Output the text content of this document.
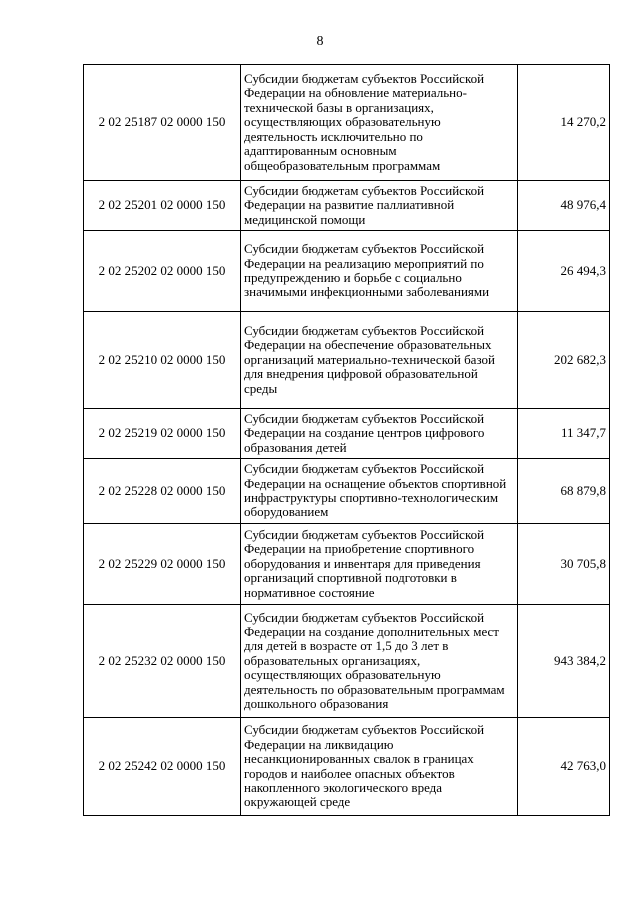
8
2 02 25187 02 0000 150	Субсидии бюджетам субъектов Российской Федерации на обновление материально-технической базы в организациях, осуществляющих образовательную деятельность исключительно по адаптированным основным общеобразовательным программам	14 270,2
2 02 25201 02 0000 150	Субсидии бюджетам субъектов Российской Федерации на развитие паллиативной медицинской помощи	48 976,4
2 02 25202 02 0000 150	Субсидии бюджетам субъектов Российской Федерации на реализацию мероприятий по предупреждению и борьбе с социально значимыми инфекционными заболеваниями	26 494,3
2 02 25210 02 0000 150	Субсидии бюджетам субъектов Российской Федерации на обеспечение образовательных организаций материально-технической базой для внедрения цифровой образовательной среды	202 682,3
2 02 25219 02 0000 150	Субсидии бюджетам субъектов Российской Федерации на создание центров цифрового образования детей	11 347,7
2 02 25228 02 0000 150	Субсидии бюджетам субъектов Российской Федерации на оснащение объектов спортивной инфраструктуры спортивно-технологическим оборудованием	68 879,8
2 02 25229 02 0000 150	Субсидии бюджетам субъектов Российской Федерации на приобретение спортивного оборудования и инвентаря для приведения организаций спортивной подготовки в нормативное состояние	30 705,8
2 02 25232 02 0000 150	Субсидии бюджетам субъектов Российской Федерации на создание дополнительных мест для детей в возрасте от 1,5 до 3 лет в образовательных организациях, осуществляющих образовательную деятельность по образовательным программам дошкольного образования	943 384,2
2 02 25242 02 0000 150	Субсидии бюджетам субъектов Российской Федерации на ликвидацию несанкционированных свалок в границах городов и наиболее опасных объектов накопленного экологического вреда окружающей среде	42 763,0
